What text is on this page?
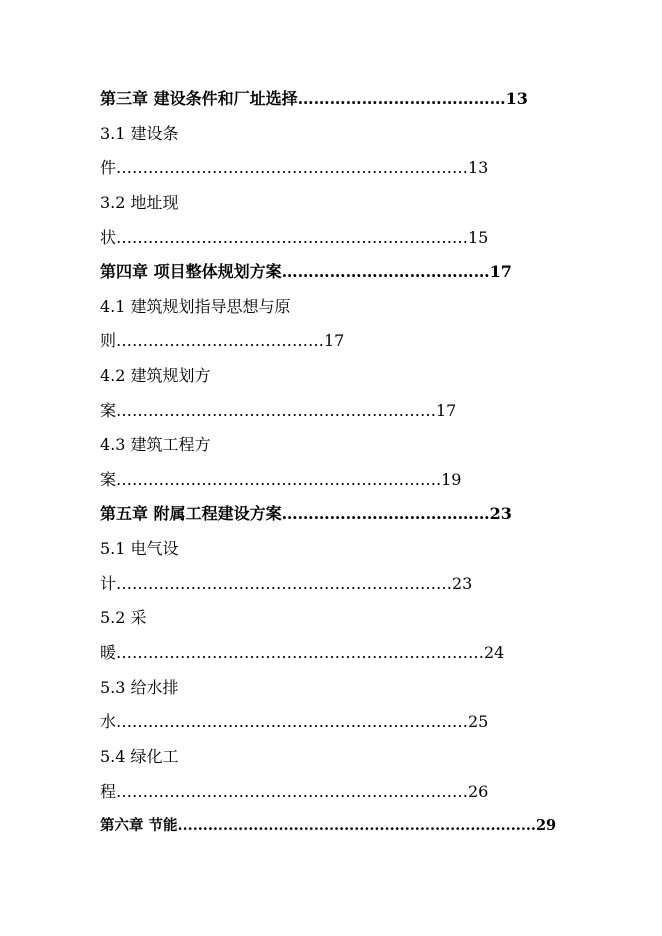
第三章 建设条件和厂址选择…………………………………13
3.1 建设条
件…………………………………………………………13
3.2 地址现
状…………………………………………………………15
第四章 项目整体规划方案…………………………………17
4.1 建筑规划指导思想与原
则…………………………………17
4.2 建筑规划方
案……………………………………………………17
4.3 建筑工程方
案…………………………………………………….19
第五章 附属工程建设方案…………………………………23
5.1 电气设
计………………………………………………………23
5.2 采
暖……………………………………………………………24
5.3 给水排
水…………………………………………………………25
5.4 绿化工
程…………………………………………………………26
第六章 节能.......................................................................29
